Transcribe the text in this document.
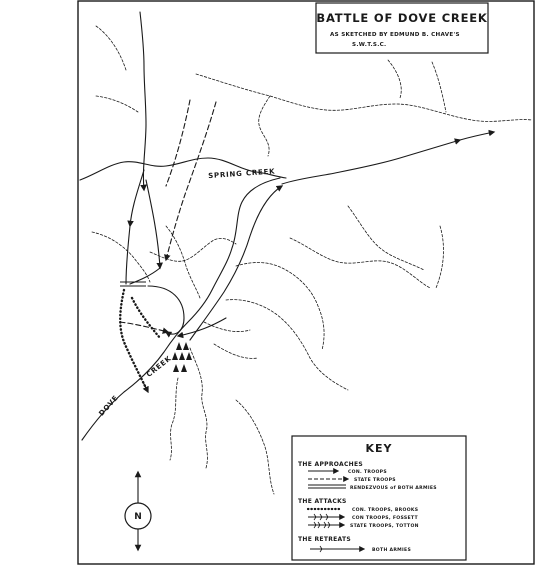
BATTLE OF DOVE CREEK
AS SKETCHED BY EDMUND B. CHAVE'S
S.W.T.S.C.
SPRING CREEK
DOVE
CREEK
N
KEY
THE APPROACHES
CON. TROOPS
STATE TROOPS
RENDEZVOUS of BOTH ARMIES
THE ATTACKS
CON. TROOPS, BROOKS
CON TROOPS, FOSSETT
STATE TROOPS, TOTTON
THE RETREATS
BOTH ARMIES
